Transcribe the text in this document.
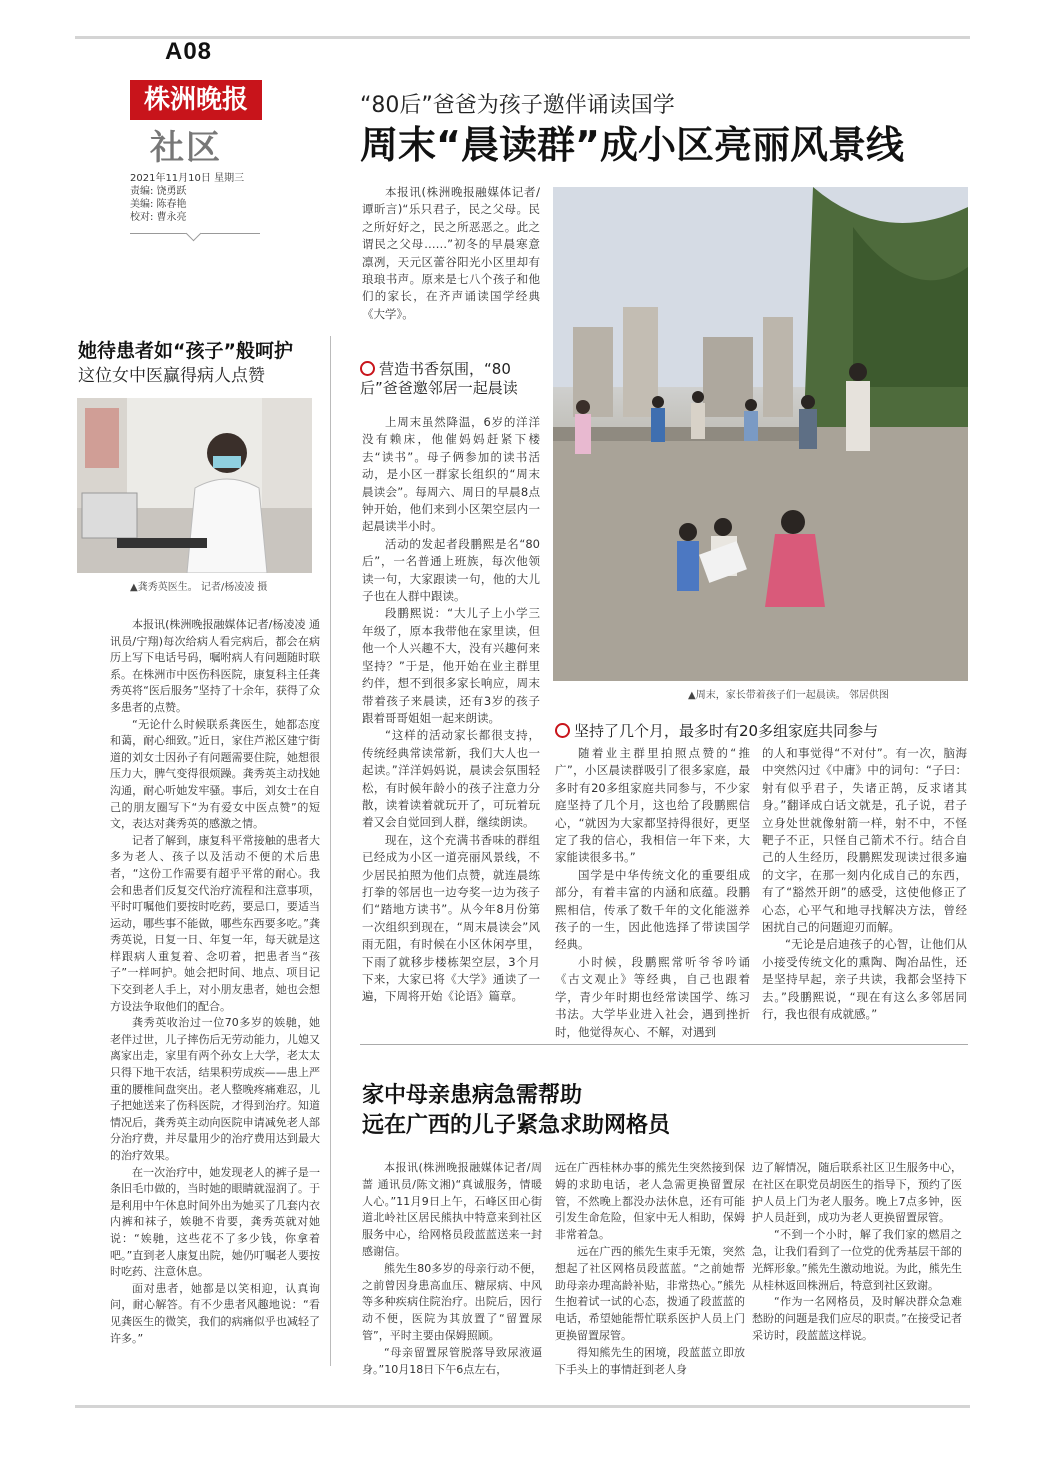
A08
株洲晚报
社区
2021年11月10日 星期三
责编: 饶勇跃
美编: 陈春艳
校对: 曹永亮
“80后”爸爸为孩子邀伴诵读国学
周末“晨读群”成小区亮丽风景线

本报讯(株洲晚报融媒体记者/谭昕言)“乐只君子，民之父母。民之所好好之，民之所恶恶之。此之谓民之父母……”初冬的早晨寒意凛冽，天元区蕾谷阳光小区里却有琅琅书声。原来是七八个孩子和他们的家长，在齐声诵读国学经典《大学》。

▲周末，家长带着孩子们一起晨读。 邻居供图
营造书香氛围，“80后”爸爸邀邻居一起晨读

上周末虽然降温，6岁的洋洋没有赖床，他催妈妈赶紧下楼去“读书”。母子俩参加的读书活动，是小区一群家长组织的“周末晨读会”。每周六、周日的早晨8点钟开始，他们来到小区架空层内一起晨读半小时。

活动的发起者段鹏熙是名“80后”，一名普通上班族，每次他领读一句，大家跟读一句，他的大儿子也在人群中跟读。

段鹏熙说：“大儿子上小学三年级了，原本我带他在家里读，但他一个人兴趣不大，没有兴趣何来坚持？”于是，他开始在业主群里约伴，想不到很多家长响应，周末带着孩子来晨读，还有3岁的孩子跟着哥哥姐姐一起来朗读。

“这样的活动家长都很支持，传统经典常读常新，我们大人也一起读。”洋洋妈妈说，晨读会氛围轻松，有时候年龄小的孩子注意力分散，读着读着就玩开了，可玩着玩着又会自觉回到人群，继续朗读。

现在，这个充满书香味的群组已经成为小区一道亮丽风景线，不少居民拍照为他们点赞，就连晨练打拳的邻居也一边夸奖一边为孩子们“踏地方读书”。从今年8月份第一次组织到现在，“周末晨读会”风雨无阻，有时候在小区休闲亭里，下雨了就移步楼栋架空层，3个月下来，大家已将《大学》通读了一遍，下周将开始《论语》篇章。

坚持了几个月，最多时有20多组家庭共同参与

随着业主群里拍照点赞的“推广”，小区晨读群吸引了很多家庭，最多时有20多组家庭共同参与，不少家庭坚持了几个月，这也给了段鹏熙信心，“就因为大家都坚持得很好，更坚定了我的信心，我相信一年下来，大家能读很多书。”

国学是中华传统文化的重要组成部分，有着丰富的内涵和底蕴。段鹏熙相信，传承了数千年的文化能滋养孩子的一生，因此他选择了带读国学经典。

小时候，段鹏熙常听爷爷吟诵《古文观止》等经典，自己也跟着学，青少年时期也经常读国学、练习书法。大学毕业进入社会，遇到挫折时，他觉得灰心、不解，对遇到

的人和事觉得“不对付”。有一次，脑海中突然闪过《中庸》中的词句：“子曰：射有似乎君子，失诸正鹄，反求诸其身。”翻译成白话文就是，孔子说，君子立身处世就像射箭一样，射不中，不怪靶子不正，只怪自己箭术不行。结合自己的人生经历，段鹏熙发现读过很多遍的文字，在那一刻内化成自己的东西，有了“豁然开朗”的感受，这使他修正了心态，心平气和地寻找解决方法，曾经困扰自己的问题迎刃而解。

“无论是启迪孩子的心智，让他们从小接受传统文化的熏陶、陶冶品性，还是坚持早起，亲子共读，我都会坚持下去。”段鹏熙说，“现在有这么多邻居同行，我也很有成就感。”

她待患者如“孩子”般呵护
这位女中医赢得病人点赞
▲龚秀英医生。 记者/杨凌凌 摄

本报讯(株洲晚报融媒体记者/杨凌凌 通讯员/宁翔)每次给病人看完病后，都会在病历上写下电话号码，嘱咐病人有问题随时联系。在株洲市中医伤科医院，康复科主任龚秀英将“医后服务”坚持了十余年，获得了众多患者的点赞。

“无论什么时候联系龚医生，她都态度和蔼，耐心细致。”近日，家住芦淞区建宁街道的刘女士因孙子有问题需要住院，她想很压力大，脾气变得很烦躁。龚秀英主动找她沟通，耐心听她发牢骚。事后，刘女士在自己的朋友圈写下“为有爱女中医点赞”的短文，表达对龚秀英的感激之情。

记者了解到，康复科平常接触的患者大多为老人、孩子以及活动不便的术后患者，“这份工作需要有超乎平常的耐心。我会和患者们反复交代治疗流程和注意事项，平时叮嘱他们要按时吃药，要忌口，要适当运动，哪些事不能做，哪些东西要多吃。”龚秀英说，日复一日、年复一年，每天就是这样跟病人重复着、念叨着，把患者当“孩子”一样呵护。她会把时间、地点、项目记下交到老人手上，对小朋友患者，她也会想方设法争取他们的配合。

龚秀英收治过一位70多岁的娭毑，她老伴过世，儿子摔伤后无劳动能力，儿媳又离家出走，家里有两个孙女上大学，老太太只得下地干农活，结果积劳成疾——患上严重的腰椎间盘突出。老人整晚疼痛难忍，儿子把她送来了伤科医院，才得到治疗。知道情况后，龚秀英主动向医院申请减免老人部分治疗费，并尽量用少的治疗费用达到最大的治疗效果。

在一次治疗中，她发现老人的裤子是一条旧毛巾做的，当时她的眼睛就湿润了。于是利用中午休息时间外出为她买了几套内衣内裤和袜子，娭毑不肯要，龚秀英就对她说：“娭毑，这些花不了多少钱，你拿着吧。”直到老人康复出院，她仍叮嘱老人要按时吃药、注意休息。

面对患者，她都是以笑相迎，认真询问，耐心解答。有不少患者风趣地说：“看见龚医生的微笑，我们的病痛似乎也减轻了许多。”

家中母亲患病急需帮助
远在广西的儿子紧急求助网格员

本报讯(株洲晚报融媒体记者/周蔷 通讯员/陈文湘)“真诚服务，情暖人心。”11月9日上午，石峰区田心街道北岭社区居民熊执中特意来到社区服务中心，给网格员段蓝蓝送来一封感谢信。

熊先生80多岁的母亲行动不便，之前曾因身患高血压、糖尿病、中风等多种疾病住院治疗。出院后，因行动不便，医院为其放置了“留置尿管”，平时主要由保姆照顾。

“母亲留置尿管脱落导致尿液逼身。”10月18日下午6点左右，

远在广西桂林办事的熊先生突然接到保姆的求助电话，老人急需更换留置尿管，不然晚上都没办法休息，还有可能引发生命危险，但家中无人相助，保姆非常着急。

远在广西的熊先生束手无策，突然想起了社区网格员段蓝蓝。“之前她帮助母亲办理高龄补贴，非常热心。”熊先生抱着试一试的心态，拨通了段蓝蓝的电话，希望她能帮忙联系医护人员上门更换留置尿管。

得知熊先生的困境，段蓝蓝立即放下手头上的事情赶到老人身

边了解情况，随后联系社区卫生服务中心，在社区在职党员胡医生的指导下，预约了医护人员上门为老人服务。晚上7点多钟，医护人员赶到，成功为老人更换留置尿管。

“不到一个小时，解了我们家的燃眉之急，让我们看到了一位党的优秀基层干部的光辉形象。”熊先生激动地说。为此，熊先生从桂林返回株洲后，特意到社区致谢。

“作为一名网格员，及时解决群众急难愁盼的问题是我们应尽的职责。”在接受记者采访时，段蓝蓝这样说。
